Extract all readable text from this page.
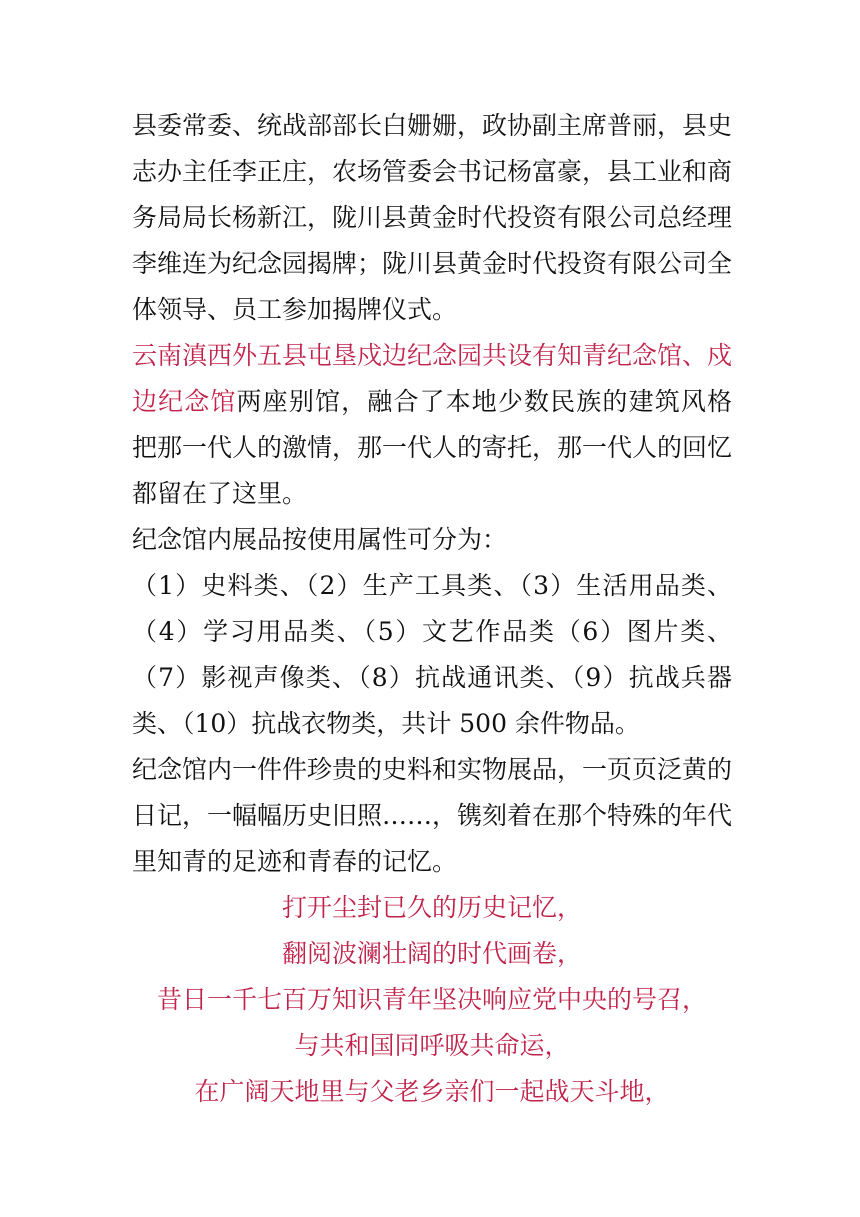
县委常委、统战部部长白姗姗，政协副主席普丽，县史志办主任李正庄，农场管委会书记杨富豪，县工业和商务局局长杨新江，陇川县黄金时代投资有限公司总经理李维连为纪念园揭牌；陇川县黄金时代投资有限公司全体领导、员工参加揭牌仪式。

云南滇西外五县屯垦戍边纪念园共设有知青纪念馆、戍边纪念馆两座别馆，融合了本地少数民族的建筑风格把那一代人的激情，那一代人的寄托，那一代人的回忆都留在了这里。

纪念馆内展品按使用属性可分为：

（1）史料类、（2）生产工具类、（3）生活用品类、（4）学习用品类、（5）文艺作品类（6）图片类、（7）影视声像类、（8）抗战通讯类、（9）抗战兵器类、（10）抗战衣物类，共计 500 余件物品。

纪念馆内一件件珍贵的史料和实物展品，一页页泛黄的日记，一幅幅历史旧照……，镌刻着在那个特殊的年代里知青的足迹和青春的记忆。

打开尘封已久的历史记忆，

翻阅波澜壮阔的时代画卷，

昔日一千七百万知识青年坚决响应党中央的号召，

与共和国同呼吸共命运，

在广阔天地里与父老乡亲们一起战天斗地，
